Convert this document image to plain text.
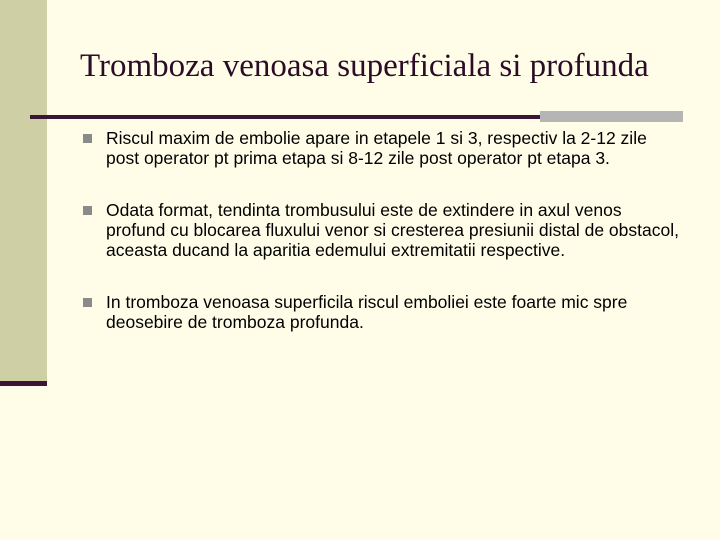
Tromboza venoasa superficiala si profunda
Riscul maxim de embolie apare in etapele 1 si 3, respectiv la 2-12 zile post operator pt prima etapa si 8-12 zile post operator pt etapa 3.
Odata format, tendinta trombusului este de extindere in axul venos profund cu blocarea fluxului venor si cresterea presiunii distal de obstacol, aceasta ducand la aparitia edemului extremitatii respective.
In tromboza venoasa superficila riscul emboliei este foarte mic spre deosebire de tromboza profunda.
